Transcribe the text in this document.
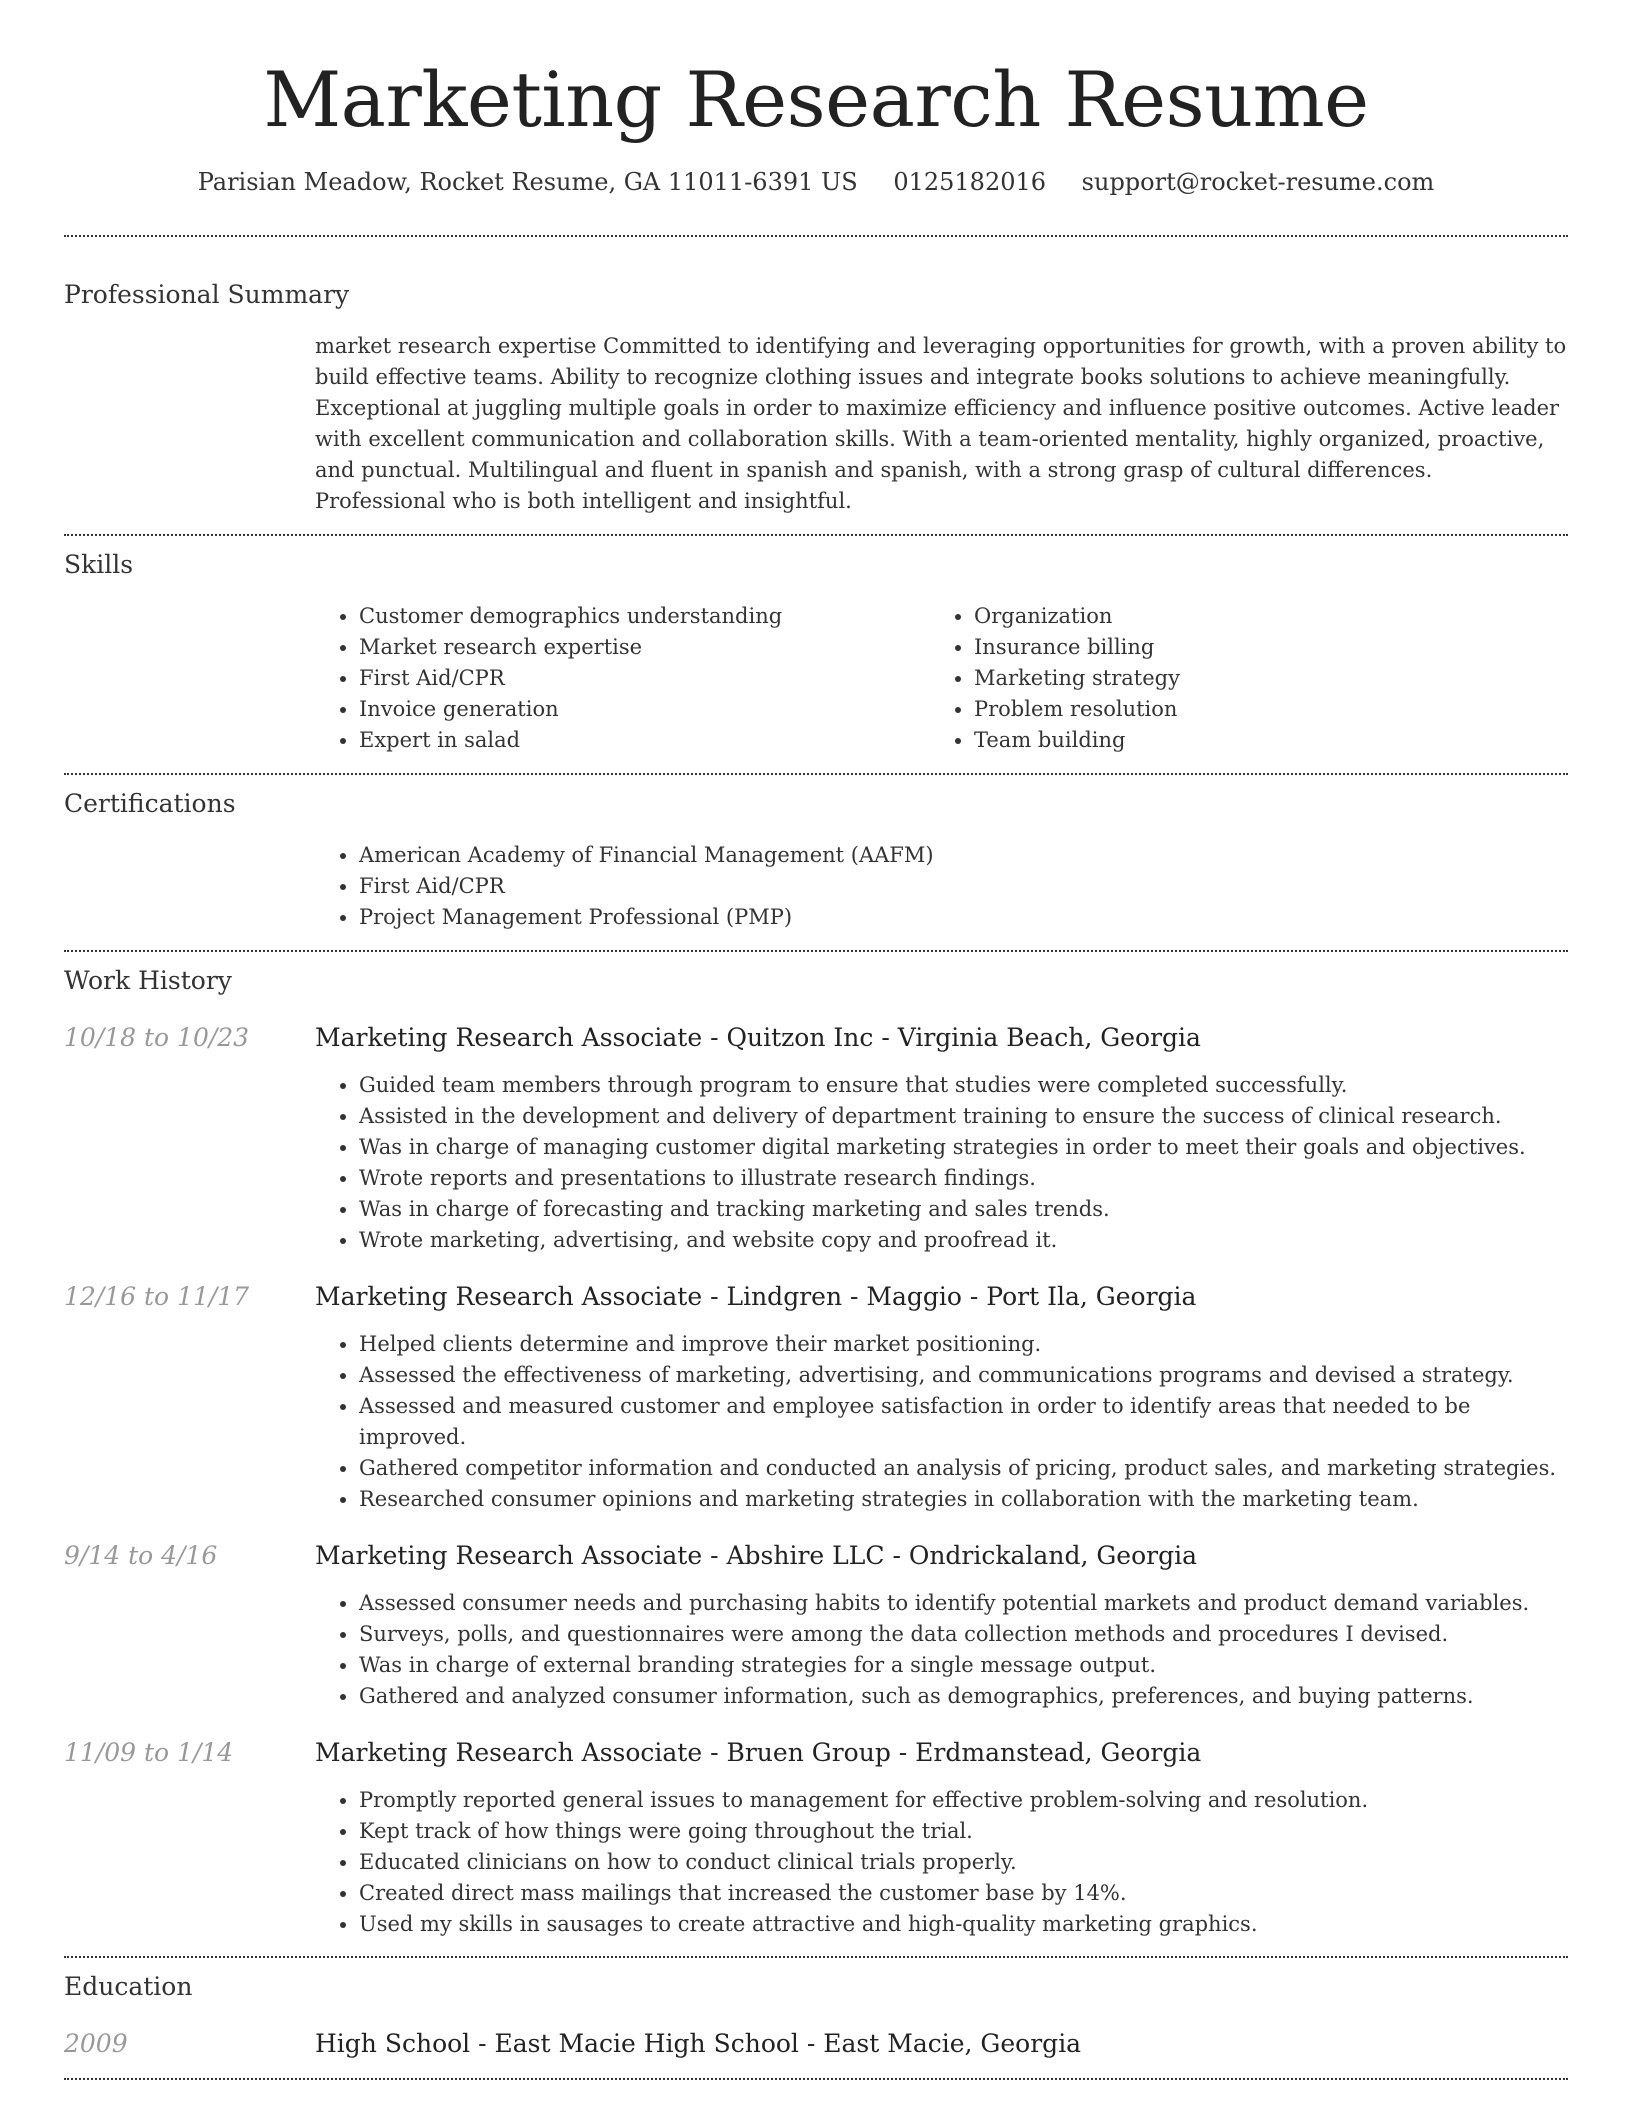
Marketing Research Resume
Parisian Meadow, Rocket Resume, GA 11011-6391 US 0125182016 support@rocket-resume.com
Professional Summary
market research expertise Committed to identifying and leveraging opportunities for growth, with a proven ability to build effective teams. Ability to recognize clothing issues and integrate books solutions to achieve meaningfully. Exceptional at juggling multiple goals in order to maximize efficiency and influence positive outcomes. Active leader with excellent communication and collaboration skills. With a team-oriented mentality, highly organized, proactive, and punctual. Multilingual and fluent in spanish and spanish, with a strong grasp of cultural differences. Professional who is both intelligent and insightful.
Skills
• Customer demographics understanding
• Market research expertise
• First Aid/CPR
• Invoice generation
• Expert in salad
• Organization
• Insurance billing
• Marketing strategy
• Problem resolution
• Team building
Certifications
• American Academy of Financial Management (AAFM)
• First Aid/CPR
• Project Management Professional (PMP)
Work History
10/18 to 10/23	Marketing Research Associate - Quitzon Inc - Virginia Beach, Georgia
• Guided team members through program to ensure that studies were completed successfully.
• Assisted in the development and delivery of department training to ensure the success of clinical research.
• Was in charge of managing customer digital marketing strategies in order to meet their goals and objectives.
• Wrote reports and presentations to illustrate research findings.
• Was in charge of forecasting and tracking marketing and sales trends.
• Wrote marketing, advertising, and website copy and proofread it.
12/16 to 11/17	Marketing Research Associate - Lindgren - Maggio - Port Ila, Georgia
• Helped clients determine and improve their market positioning.
• Assessed the effectiveness of marketing, advertising, and communications programs and devised a strategy.
• Assessed and measured customer and employee satisfaction in order to identify areas that needed to be improved.
• Gathered competitor information and conducted an analysis of pricing, product sales, and marketing strategies.
• Researched consumer opinions and marketing strategies in collaboration with the marketing team.
9/14 to 4/16	Marketing Research Associate - Abshire LLC - Ondrickaland, Georgia
• Assessed consumer needs and purchasing habits to identify potential markets and product demand variables.
• Surveys, polls, and questionnaires were among the data collection methods and procedures I devised.
• Was in charge of external branding strategies for a single message output.
• Gathered and analyzed consumer information, such as demographics, preferences, and buying patterns.
11/09 to 1/14	Marketing Research Associate - Bruen Group - Erdmanstead, Georgia
• Promptly reported general issues to management for effective problem-solving and resolution.
• Kept track of how things were going throughout the trial.
• Educated clinicians on how to conduct clinical trials properly.
• Created direct mass mailings that increased the customer base by 14%.
• Used my skills in sausages to create attractive and high-quality marketing graphics.
Education
2009	High School - East Macie High School - East Macie, Georgia
